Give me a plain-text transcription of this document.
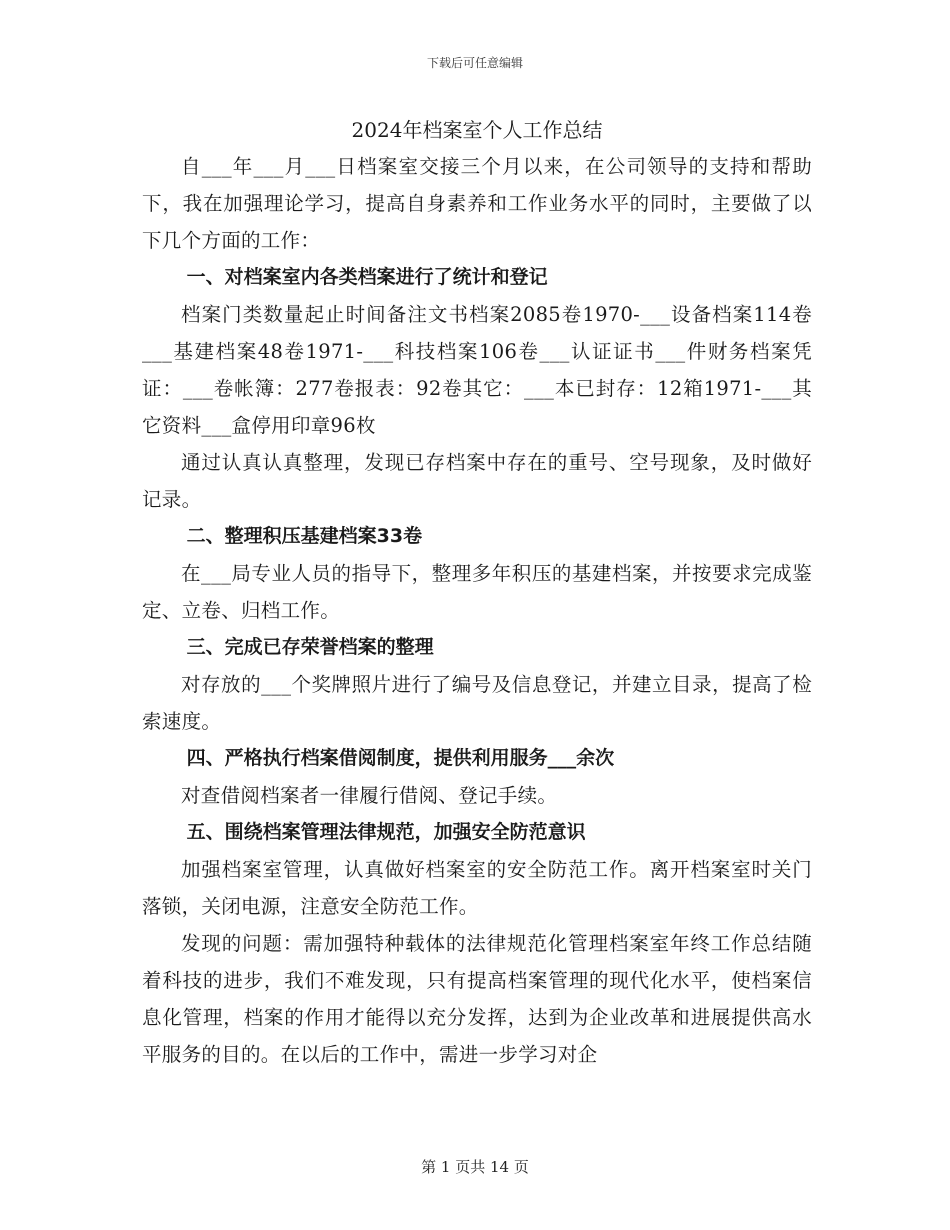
下载后可任意编辑
2024年档案室个人工作总结

自___年___月___日档案室交接三个月以来，在公司领导的支持和帮助下，我在加强理论学习，提高自身素养和工作业务水平的同时，主要做了以下几个方面的工作：

一、对档案室内各类档案进行了统计和登记

档案门类数量起止时间备注文书档案2085卷1970-___设备档案114卷___基建档案48卷1971-___科技档案106卷___认证证书___件财务档案凭证：___卷帐簿：277卷报表：92卷其它：___本已封存：12箱1971-___其它资料___盒停用印章96枚

通过认真认真整理，发现已存档案中存在的重号、空号现象，及时做好记录。

二、整理积压基建档案33卷

在___局专业人员的指导下，整理多年积压的基建档案，并按要求完成鉴定、立卷、归档工作。

三、完成已存荣誉档案的整理

对存放的___个奖牌照片进行了编号及信息登记，并建立目录，提高了检索速度。

四、严格执行档案借阅制度，提供利用服务___余次

对查借阅档案者一律履行借阅、登记手续。

五、围绕档案管理法律规范，加强安全防范意识

加强档案室管理，认真做好档案室的安全防范工作。离开档案室时关门落锁，关闭电源，注意安全防范工作。

发现的问题：需加强特种载体的法律规范化管理档案室年终工作总结随着科技的进步，我们不难发现，只有提高档案管理的现代化水平，使档案信息化管理，档案的作用才能得以充分发挥，达到为企业改革和进展提供高水平服务的目的。在以后的工作中，需进一步学习对企

第 1 页共 14 页
